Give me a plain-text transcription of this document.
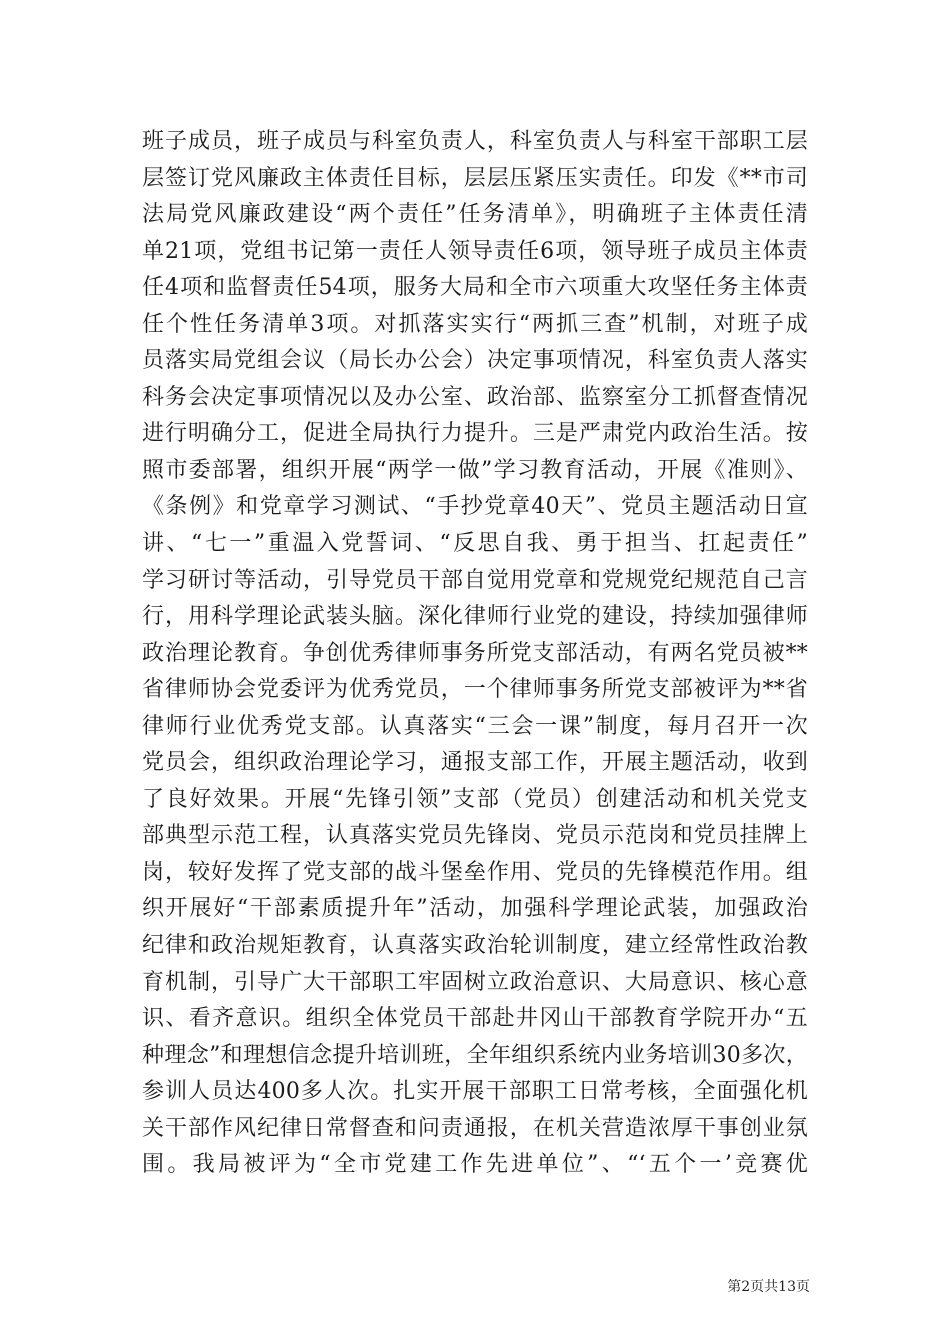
班子成员，班子成员与科室负责人，科室负责人与科室干部职工层
层签订党风廉政主体责任目标，层层压紧压实责任。印发《**市司
法局党风廉政建设“两个责任”任务清单》，明确班子主体责任清
单21项，党组书记第一责任人领导责任6项，领导班子成员主体责
任4项和监督责任54项，服务大局和全市六项重大攻坚任务主体责
任个性任务清单3项。对抓落实实行“两抓三查”机制，对班子成
员落实局党组会议（局长办公会）决定事项情况，科室负责人落实
科务会决定事项情况以及办公室、政治部、监察室分工抓督查情况
进行明确分工，促进全局执行力提升。三是严肃党内政治生活。按
照市委部署，组织开展“两学一做”学习教育活动，开展《准则》、
《条例》和党章学习测试、“手抄党章40天”、党员主题活动日宣
讲、“七一”重温入党誓词、“反思自我、勇于担当、扛起责任”
学习研讨等活动，引导党员干部自觉用党章和党规党纪规范自己言
行，用科学理论武装头脑。深化律师行业党的建设，持续加强律师
政治理论教育。争创优秀律师事务所党支部活动，有两名党员被**
省律师协会党委评为优秀党员，一个律师事务所党支部被评为**省
律师行业优秀党支部。认真落实“三会一课”制度，每月召开一次
党员会，组织政治理论学习，通报支部工作，开展主题活动，收到
了良好效果。开展“先锋引领”支部（党员）创建活动和机关党支
部典型示范工程，认真落实党员先锋岗、党员示范岗和党员挂牌上
岗，较好发挥了党支部的战斗堡垒作用、党员的先锋模范作用。组
织开展好“干部素质提升年”活动，加强科学理论武装，加强政治
纪律和政治规矩教育，认真落实政治轮训制度，建立经常性政治教
育机制，引导广大干部职工牢固树立政治意识、大局意识、核心意
识、看齐意识。组织全体党员干部赴井冈山干部教育学院开办“五
种理念”和理想信念提升培训班，全年组织系统内业务培训30多次，
参训人员达400多人次。扎实开展干部职工日常考核，全面强化机
关干部作风纪律日常督查和问责通报，在机关营造浓厚干事创业氛
围。我局被评为“全市党建工作先进单位”、“‘五个一’竞赛优
第2页共13页
